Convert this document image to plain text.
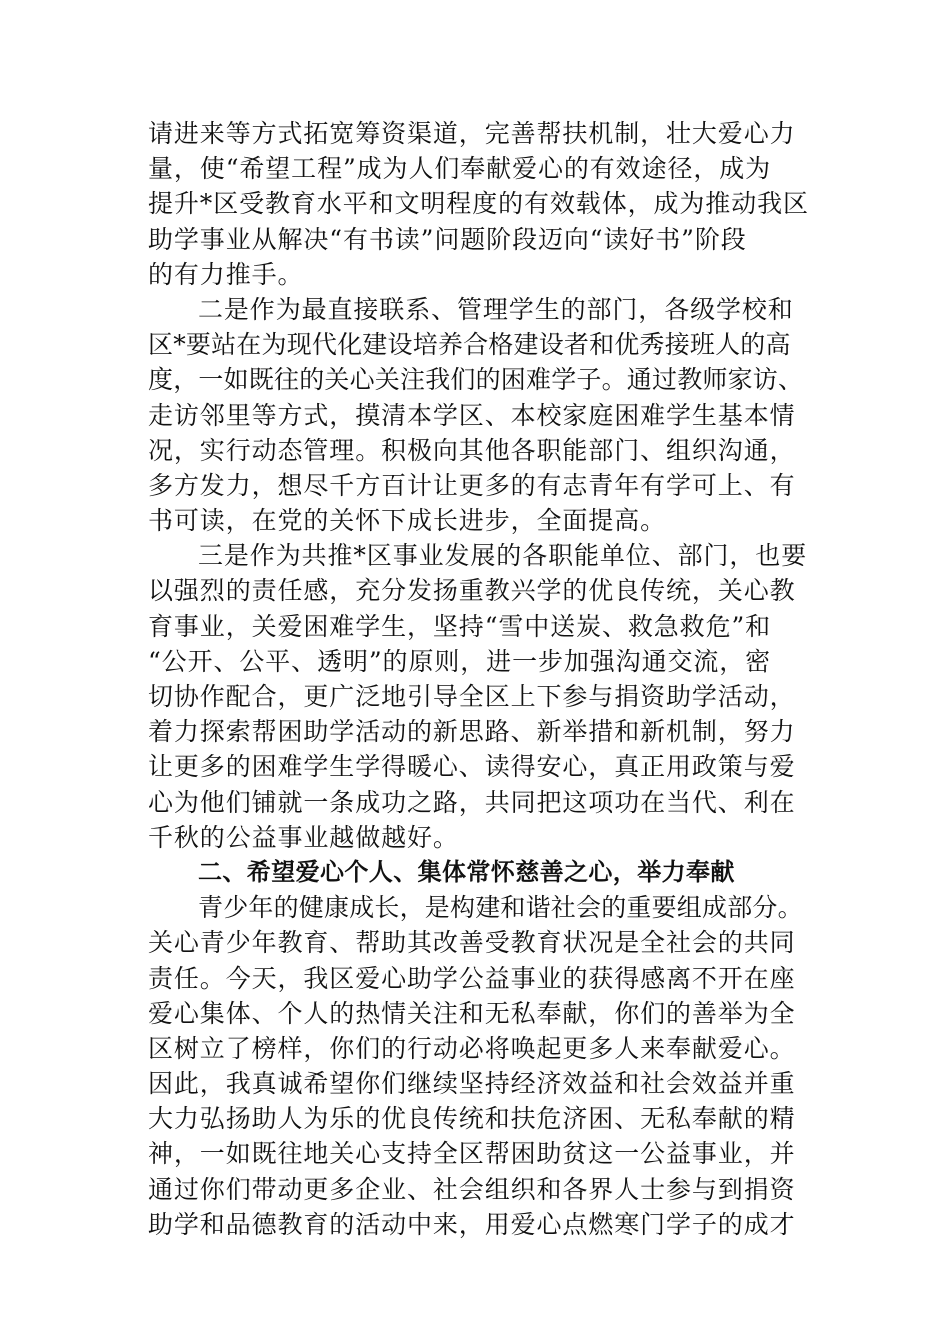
请进来等方式拓宽筹资渠道，完善帮扶机制，壮大爱心力
量，使“希望工程”成为人们奉献爱心的有效途径，成为
提升*区受教育水平和文明程度的有效载体，成为推动我区
助学事业从解决“有书读”问题阶段迈向“读好书”阶段
的有力推手。
二是作为最直接联系、管理学生的部门，各级学校和
区*要站在为现代化建设培养合格建设者和优秀接班人的高
度，一如既往的关心关注我们的困难学子。通过教师家访、
走访邻里等方式，摸清本学区、本校家庭困难学生基本情
况，实行动态管理。积极向其他各职能部门、组织沟通，
多方发力，想尽千方百计让更多的有志青年有学可上、有
书可读，在党的关怀下成长进步，全面提高。
三是作为共推*区事业发展的各职能单位、部门，也要
以强烈的责任感，充分发扬重教兴学的优良传统，关心教
育事业，关爱困难学生，坚持“雪中送炭、救急救危”和
“公开、公平、透明”的原则，进一步加强沟通交流，密
切协作配合，更广泛地引导全区上下参与捐资助学活动，
着力探索帮困助学活动的新思路、新举措和新机制，努力
让更多的困难学生学得暖心、读得安心，真正用政策与爱
心为他们铺就一条成功之路，共同把这项功在当代、利在
千秋的公益事业越做越好。
二、希望爱心个人、集体常怀慈善之心，举力奉献
青少年的健康成长，是构建和谐社会的重要组成部分。
关心青少年教育、帮助其改善受教育状况是全社会的共同
责任。今天，我区爱心助学公益事业的获得感离不开在座
爱心集体、个人的热情关注和无私奉献，你们的善举为全
区树立了榜样，你们的行动必将唤起更多人来奉献爱心。
因此，我真诚希望你们继续坚持经济效益和社会效益并重
大力弘扬助人为乐的优良传统和扶危济困、无私奉献的精
神，一如既往地关心支持全区帮困助贫这一公益事业，并
通过你们带动更多企业、社会组织和各界人士参与到捐资
助学和品德教育的活动中来，用爱心点燃寒门学子的成才
